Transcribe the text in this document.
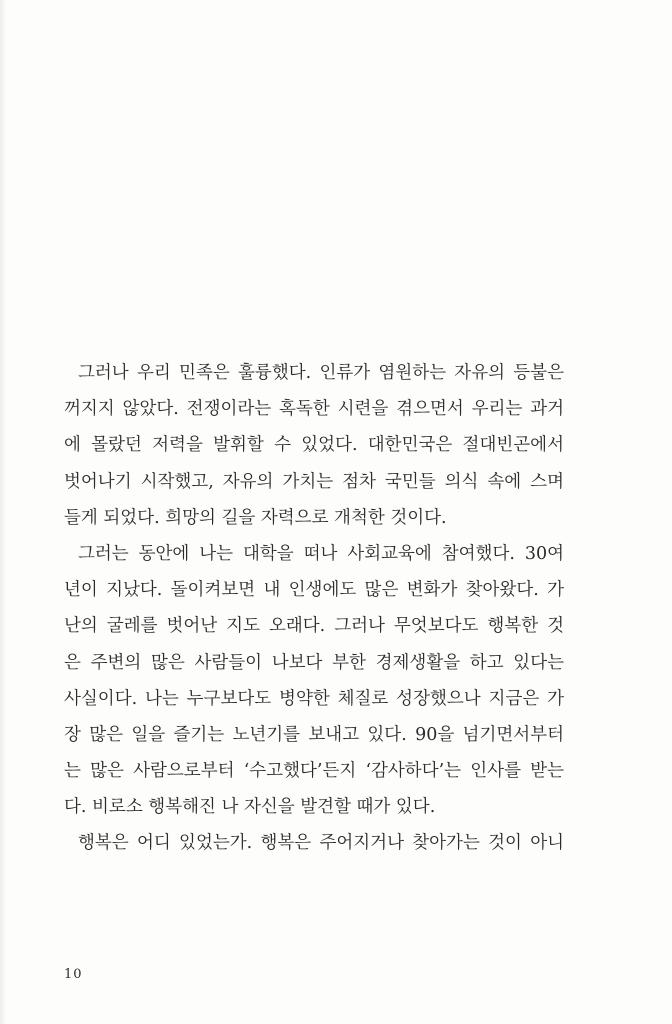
그러나 우리 민족은 훌륭했다. 인류가 염원하는 자유의 등불은
꺼지지 않았다. 전쟁이라는 혹독한 시련을 겪으면서 우리는 과거
에 몰랐던 저력을 발휘할 수 있었다. 대한민국은 절대빈곤에서
벗어나기 시작했고, 자유의 가치는 점차 국민들 의식 속에 스며
들게 되었다. 희망의 길을 자력으로 개척한 것이다.
그러는 동안에 나는 대학을 떠나 사회교육에 참여했다. 30여
년이 지났다. 돌이켜보면 내 인생에도 많은 변화가 찾아왔다. 가
난의 굴레를 벗어난 지도 오래다. 그러나 무엇보다도 행복한 것
은 주변의 많은 사람들이 나보다 부한 경제생활을 하고 있다는
사실이다. 나는 누구보다도 병약한 체질로 성장했으나 지금은 가
장 많은 일을 즐기는 노년기를 보내고 있다. 90을 넘기면서부터
는 많은 사람으로부터 ‘수고했다’든지 ‘감사하다’는 인사를 받는
다. 비로소 행복해진 나 자신을 발견할 때가 있다.
행복은 어디 있었는가. 행복은 주어지거나 찾아가는 것이 아니
10
